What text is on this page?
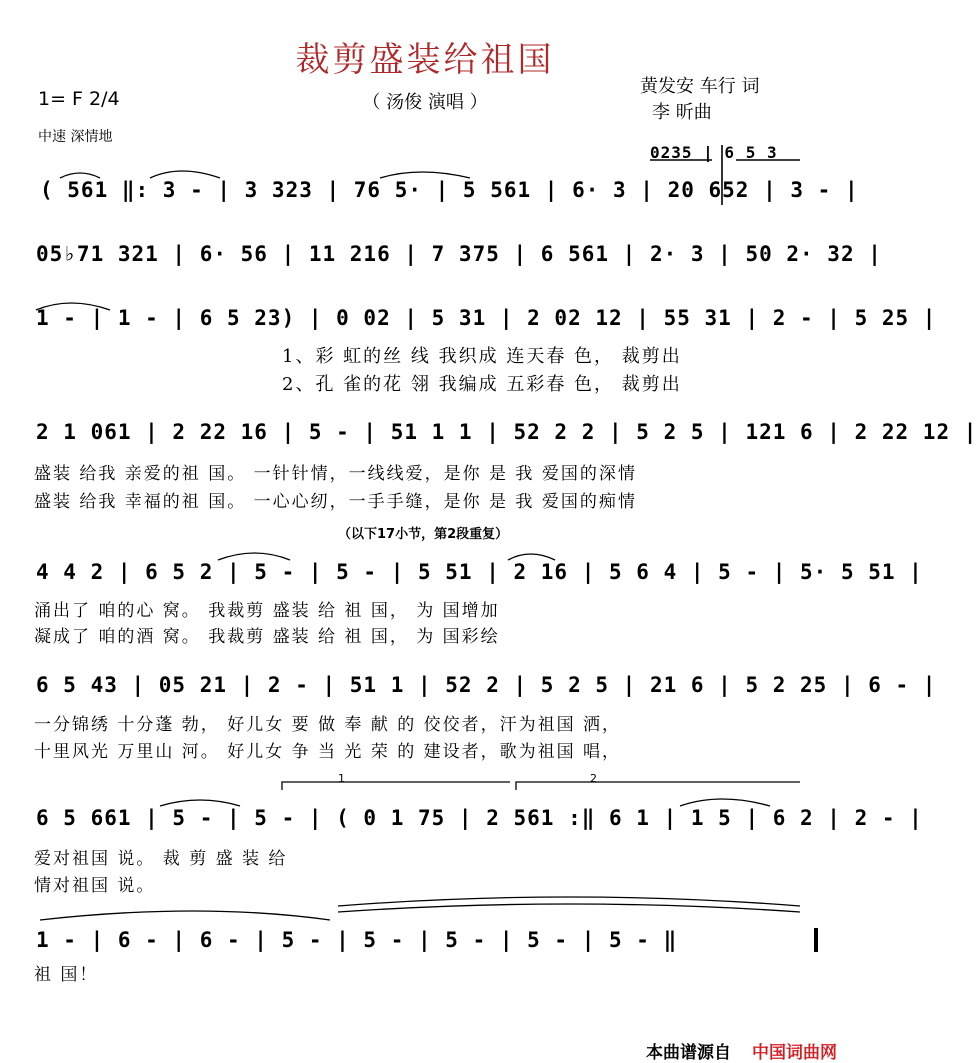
裁剪盛装给祖国
（ 汤俊 演唱 ）
黄发安 车行 词
李 昕曲
1= F 2/4
中速 深情地
0235 | 6 5 3
( 561 ‖: 3 - | 3 323 | 76 5· | 5 561 | 6· 3 | 20 652 | 3 - |
05♭71 321 | 6· 56 | 11 216 | 7 375 | 6 561 | 2· 3 | 50 2· 32 |
1 - | 1 - | 6 5 23) | 0 02 | 5 31 | 2 02 12 | 55 31 | 2 - | 5 25 |
1、彩 虹的丝 线 我织成 连天春 色， 裁剪出
2、孔 雀的花 翎 我编成 五彩春 色， 裁剪出
2 1 061 | 2 22 16 | 5 - | 51 1 1 | 52 2 2 | 5 2 5 | 121 6 | 2 22 12 |
盛装 给我 亲爱的祖 国。 一针针情，一线线爱，是你 是 我 爱国的深情
盛装 给我 幸福的祖 国。 一心心纫，一手手缝，是你 是 我 爱国的痴情
（以下17小节，第2段重复）
4 4 2 | 6 5 2 | 5 - | 5 - | 5 51 | 2 16 | 5 6 4 | 5 - | 5· 5 51 |
涌出了 咱的心 窝。 我裁剪 盛装 给 祖 国， 为 国增加
凝成了 咱的酒 窝。 我裁剪 盛装 给 祖 国， 为 国彩绘
6 5 43 | 05 21 | 2 - | 51 1 | 52 2 | 5 2 5 | 21 6 | 5 2 25 | 6 - |
一分锦绣 十分蓬 勃， 好儿女 要 做 奉 献 的 佼佼者，汗为祖国 洒，
十里风光 万里山 河。 好儿女 争 当 光 荣 的 建设者，歌为祖国 唱，
1	2
6 5 661 | 5 - | 5 - | ( 0 1 75 | 2 561 :‖ 6 1 | 1 5 | 6 2 | 2 - |
爱对祖国 说。 裁 剪 盛 装 给
情对祖国 说。
1 - | 6 - | 6 - | 5 - | 5 - | 5 - | 5 - | 5 - ‖
祖 国！
本曲谱源自 中国词曲网
